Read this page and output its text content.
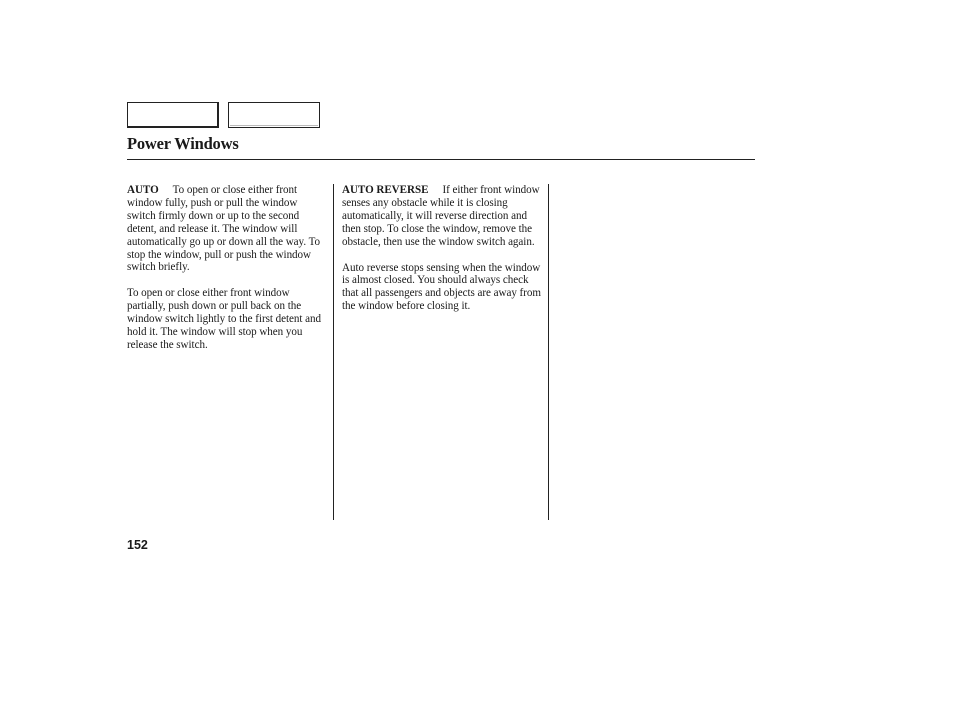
Power Windows

AUTO To open or close either front window fully, push or pull the window switch firmly down or up to the second detent, and release it. The window will automatically go up or down all the way. To stop the window, pull or push the window switch briefly.

To open or close either front window partially, push down or pull back on the window switch lightly to the first detent and hold it. The window will stop when you release the switch.

AUTO REVERSE If either front window senses any obstacle while it is closing automatically, it will reverse direction and then stop. To close the window, remove the obstacle, then use the window switch again.

Auto reverse stops sensing when the window is almost closed. You should always check that all passengers and objects are away from the window before closing it.

152
